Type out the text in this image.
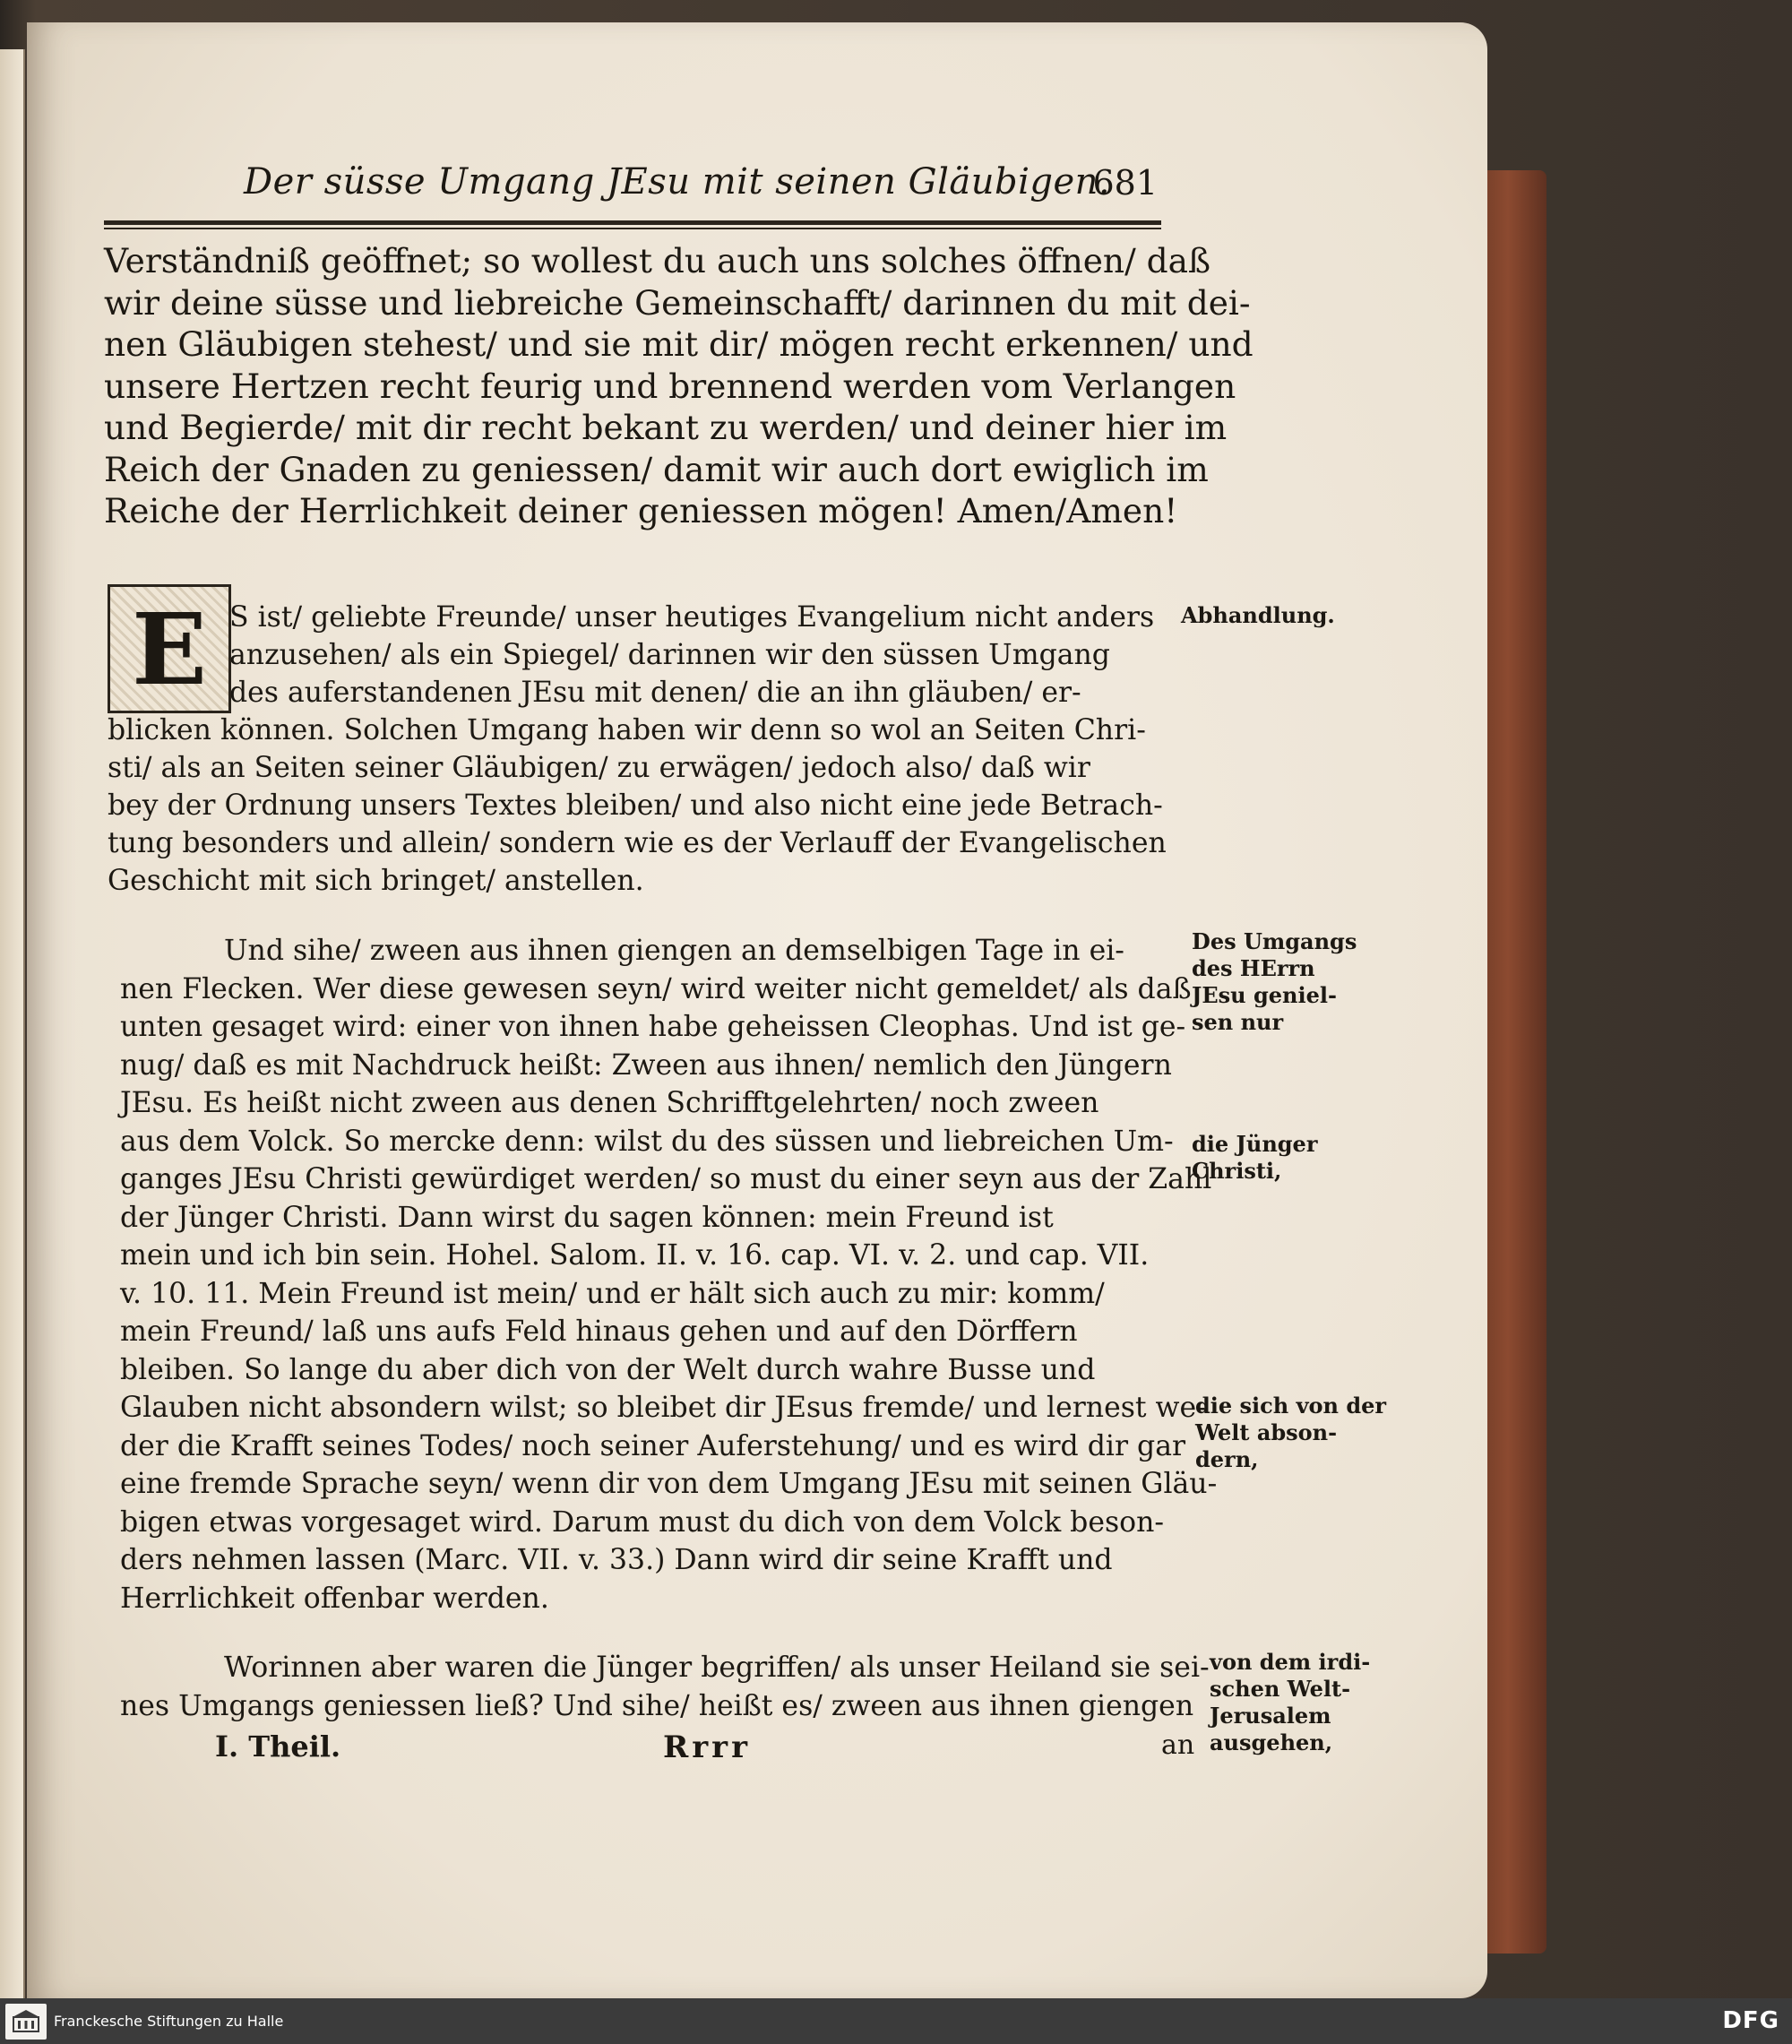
Der süsse Umgang JEsu mit seinen Gläubigen.
681
Verständniß geöffnet; so wollest du auch uns solches öffnen/ daß
wir deine süsse und liebreiche Gemeinschafft/ darinnen du mit dei-
nen Gläubigen stehest/ und sie mit dir/ mögen recht erkennen/ und
unsere Hertzen recht feurig und brennend werden vom Verlangen
und Begierde/ mit dir recht bekant zu werden/ und deiner hier im
Reich der Gnaden zu geniessen/ damit wir auch dort ewiglich im
Reiche der Herrlichkeit deiner geniessen mögen! Amen/Amen!
E S ist/ geliebte Freunde/ unser heutiges Evangelium nicht anders
anzusehen/ als ein Spiegel/ darinnen wir den süssen Umgang
des auferstandenen JEsu mit denen/ die an ihn gläuben/ er-
blicken können. Solchen Umgang haben wir denn so wol an Seiten Chri-
sti/ als an Seiten seiner Gläubigen/ zu erwägen/ jedoch also/ daß wir
bey der Ordnung unsers Textes bleiben/ und also nicht eine jede Betrach-
tung besonders und allein/ sondern wie es der Verlauff der Evangelischen
Geschicht mit sich bringet/ anstellen.
Und sihe/ zween aus ihnen giengen an demselbigen Tage in ei-
nen Flecken. Wer diese gewesen seyn/ wird weiter nicht gemeldet/ als daß
unten gesaget wird: einer von ihnen habe geheissen Cleophas. Und ist ge-
nug/ daß es mit Nachdruck heißt: Zween aus ihnen/ nemlich den Jüngern
JEsu. Es heißt nicht zween aus denen Schrifftgelehrten/ noch zween
aus dem Volck. So mercke denn: wilst du des süssen und liebreichen Um-
ganges JEsu Christi gewürdiget werden/ so must du einer seyn aus der Zahl
der Jünger Christi. Dann wirst du sagen können: mein Freund ist
mein und ich bin sein. Hohel. Salom. II. v. 16. cap. VI. v. 2. und cap. VII.
v. 10. 11. Mein Freund ist mein/ und er hält sich auch zu mir: komm/
mein Freund/ laß uns aufs Feld hinaus gehen und auf den Dörffern
bleiben. So lange du aber dich von der Welt durch wahre Busse und
Glauben nicht absondern wilst; so bleibet dir JEsus fremde/ und lernest we-
der die Krafft seines Todes/ noch seiner Auferstehung/ und es wird dir gar
eine fremde Sprache seyn/ wenn dir von dem Umgang JEsu mit seinen Gläu-
bigen etwas vorgesaget wird. Darum must du dich von dem Volck beson-
ders nehmen lassen (Marc. VII. v. 33.) Dann wird dir seine Krafft und
Herrlichkeit offenbar werden.
Worinnen aber waren die Jünger begriffen/ als unser Heiland sie sei-
nes Umgangs geniessen ließ? Und sihe/ heißt es/ zween aus ihnen giengen
Abhandlung.
Des Umgangs
des HErrn
JEsu geniel-
sen nur
die Jünger
Christi,
die sich von der
Welt abson-
dern,
von dem irdi-
schen Welt-
Jerusalem
ausgehen,
I. Theil.	Rrrr	an
Franckesche Stiftungen zu Halle	DFG
